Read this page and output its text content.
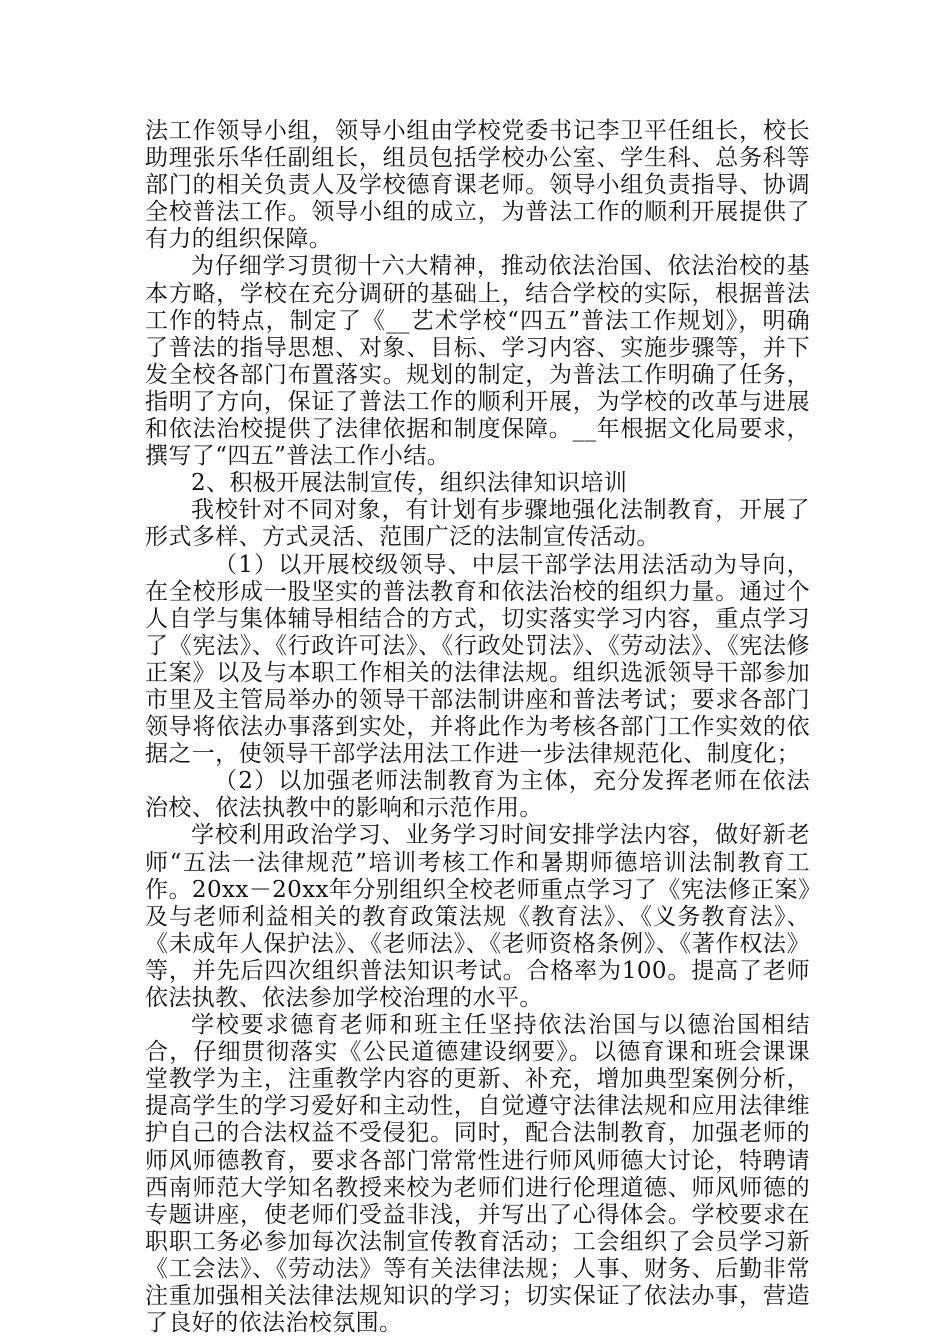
法工作领导小组，领导小组由学校党委书记李卫平任组长，校长助理张乐华任副组长，组员包括学校办公室、学生科、总务科等部门的相关负责人及学校德育课老师。领导小组负责指导、协调全校普法工作。领导小组的成立，为普法工作的顺利开展提供了有力的组织保障。

为仔细学习贯彻十六大精神，推动依法治国、依法治校的基本方略，学校在充分调研的基础上，结合学校的实际，根据普法工作的特点，制定了《__艺术学校“四五”普法工作规划》，明确了普法的指导思想、对象、目标、学习内容、实施步骤等，并下发全校各部门布置落实。规划的制定，为普法工作明确了任务，指明了方向，保证了普法工作的顺利开展，为学校的改革与进展和依法治校提供了法律依据和制度保障。__年根据文化局要求，撰写了“四五”普法工作小结。

2、积极开展法制宣传，组织法律知识培训

我校针对不同对象，有计划有步骤地强化法制教育，开展了形式多样、方式灵活、范围广泛的法制宣传活动。

（1）以开展校级领导、中层干部学法用法活动为导向，在全校形成一股坚实的普法教育和依法治校的组织力量。通过个人自学与集体辅导相结合的方式，切实落实学习内容，重点学习了《宪法》、《行政许可法》、《行政处罚法》、《劳动法》、《宪法修正案》以及与本职工作相关的法律法规。组织选派领导干部参加市里及主管局举办的领导干部法制讲座和普法考试；要求各部门领导将依法办事落到实处，并将此作为考核各部门工作实效的依据之一，使领导干部学法用法工作进一步法律规范化、制度化；

（2）以加强老师法制教育为主体，充分发挥老师在依法治校、依法执教中的影响和示范作用。

学校利用政治学习、业务学习时间安排学法内容，做好新老师“五法一法律规范”培训考核工作和暑期师德培训法制教育工作。20xx－20xx年分别组织全校老师重点学习了《宪法修正案》及与老师利益相关的教育政策法规《教育法》、《义务教育法》、《未成年人保护法》、《老师法》、《老师资格条例》、《著作权法》等，并先后四次组织普法知识考试。合格率为100。提高了老师依法执教、依法参加学校治理的水平。

学校要求德育老师和班主任坚持依法治国与以德治国相结合，仔细贯彻落实《公民道德建设纲要》。以德育课和班会课课堂教学为主，注重教学内容的更新、补充，增加典型案例分析，提高学生的学习爱好和主动性，自觉遵守法律法规和应用法律维护自己的合法权益不受侵犯。同时，配合法制教育，加强老师的师风师德教育，要求各部门常常性进行师风师德大讨论，特聘请西南师范大学知名教授来校为老师们进行伦理道德、师风师德的专题讲座，使老师们受益非浅，并写出了心得体会。学校要求在职职工务必参加每次法制宣传教育活动；工会组织了会员学习新《工会法》、《劳动法》等有关法律法规；人事、财务、后勤非常注重加强相关法律法规知识的学习；切实保证了依法办事，营造了良好的依法治校氛围。
